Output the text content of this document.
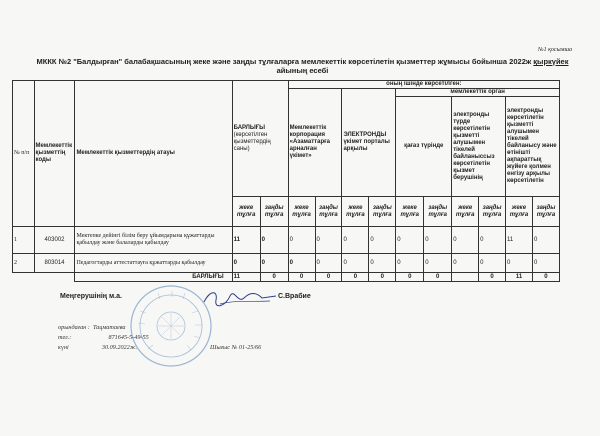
№1 қосымша
МККК №2 "Балдырған" балабақшасының жеке және заңды тұлғаларға мемлекеттік көрсетілетін қызметтер жұмысы бойынша 2022ж қыркүйек айының есебі
№ п/п	Мемлекеттік қызметтің коды	Мемлекеттік қызметтердің атауы	БАРЛЫҒЫ (көрсетілген қызметтердің саны)		оның ішінде көрсетілген:									
					Мемлекеттік корпорация «Азаматтарға арналған үкімет»		ЭЛЕКТРОНДЫ үкімет порталы арқылы		мемлекеттік орган					
									қағаз түрінде		электронды түрде көрсетілетін қызметті алушымен тікелей байланыссыз көрсетілетін қызмет берушінің		электронды көрсетілетін қызметті алушымен тікелей байланысу және өтінішті ақпараттық жүйеге қолмен енгізу арқылы көрсетілетін	
			жеке тұлға	заңды тұлға	жеке тұлға	заңды тұлға	жеке тұлға	заңды тұлға	жеке тұлға	заңды тұлға	жеке тұлға	заңды тұлға	жеке тұлға	заңды тұлға
1	403002	Мектепке дейінгі білім беру ұйымдарына құжаттарды қабылдау және балаларды қабылдау	11	0	0	0	0	0	0	0	0	0	11	0
2	803014	Педагогтарды аттестаттауға құжаттарды қабылдау	0	0	0	0	0	0	0	0	0	0	0	0
		БАРЛЫҒЫ	11	0	0	0	0	0	0	0		0	11	0
Меңгерушінің м.а.	С.Врабие
орындаған : Тацматаева
тел.:	871645-5-49-55
күні	30.09.2022ж.	Шығыс № 01-25/66
